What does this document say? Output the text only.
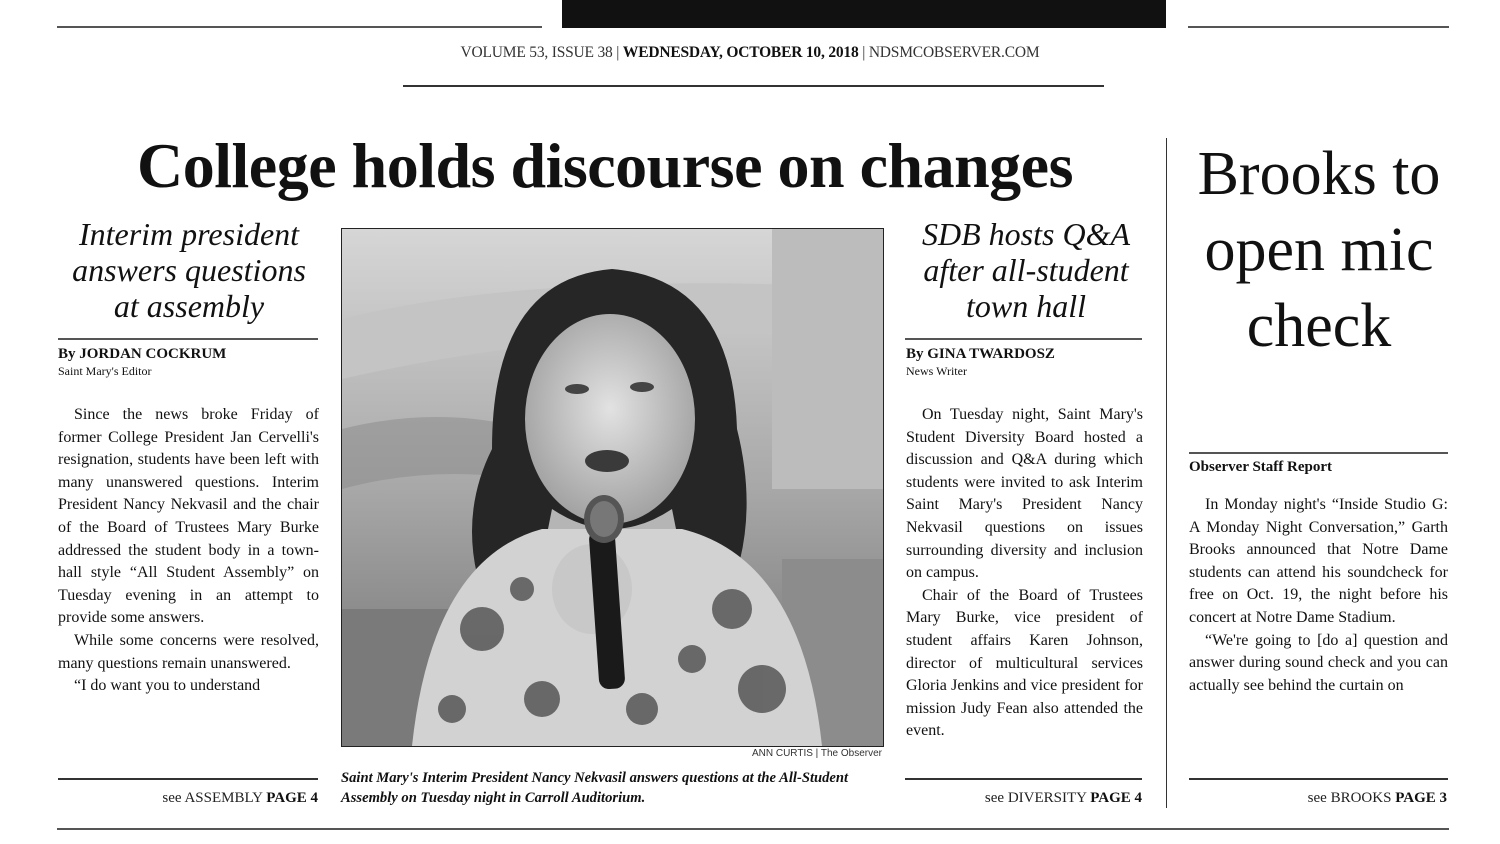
VOLUME 53, ISSUE 38 | WEDNESDAY, OCTOBER 10, 2018 | NDSMCOBSERVER.COM
College holds discourse on changes
Interim president answers questions at assembly
By JORDAN COCKRUM
Saint Mary's Editor

Since the news broke Friday of former College President Jan Cervelli's resignation, students have been left with many unanswered questions. Interim President Nancy Nekvasil and the chair of the Board of Trustees Mary Burke addressed the student body in a town-hall style “All Student Assembly” on Tuesday evening in an attempt to provide some answers.

While some concerns were resolved, many questions remain unanswered.

“I do want you to understand

see ASSEMBLY PAGE 4
ANN CURTIS | The Observer
Saint Mary's Interim President Nancy Nekvasil answers questions at the All-Student Assembly on Tuesday night in Carroll Auditorium.
SDB hosts Q&A after all-student town hall
By GINA TWARDOSZ
News Writer

On Tuesday night, Saint Mary's Student Diversity Board hosted a discussion and Q&A during which students were invited to ask Interim Saint Mary's President Nancy Nekvasil questions on issues surrounding diversity and inclusion on campus.

Chair of the Board of Trustees Mary Burke, vice president of student affairs Karen Johnson, director of multicultural services Gloria Jenkins and vice president for mission Judy Fean also attended the event.

see DIVERSITY PAGE 4
Brooks to open mic check
Observer Staff Report

In Monday night's “Inside Studio G: A Monday Night Conversation,” Garth Brooks announced that Notre Dame students can attend his soundcheck for free on Oct. 19, the night before his concert at Notre Dame Stadium.

“We're going to [do a] question and answer during sound check and you can actually see behind the curtain on

see BROOKS PAGE 3
